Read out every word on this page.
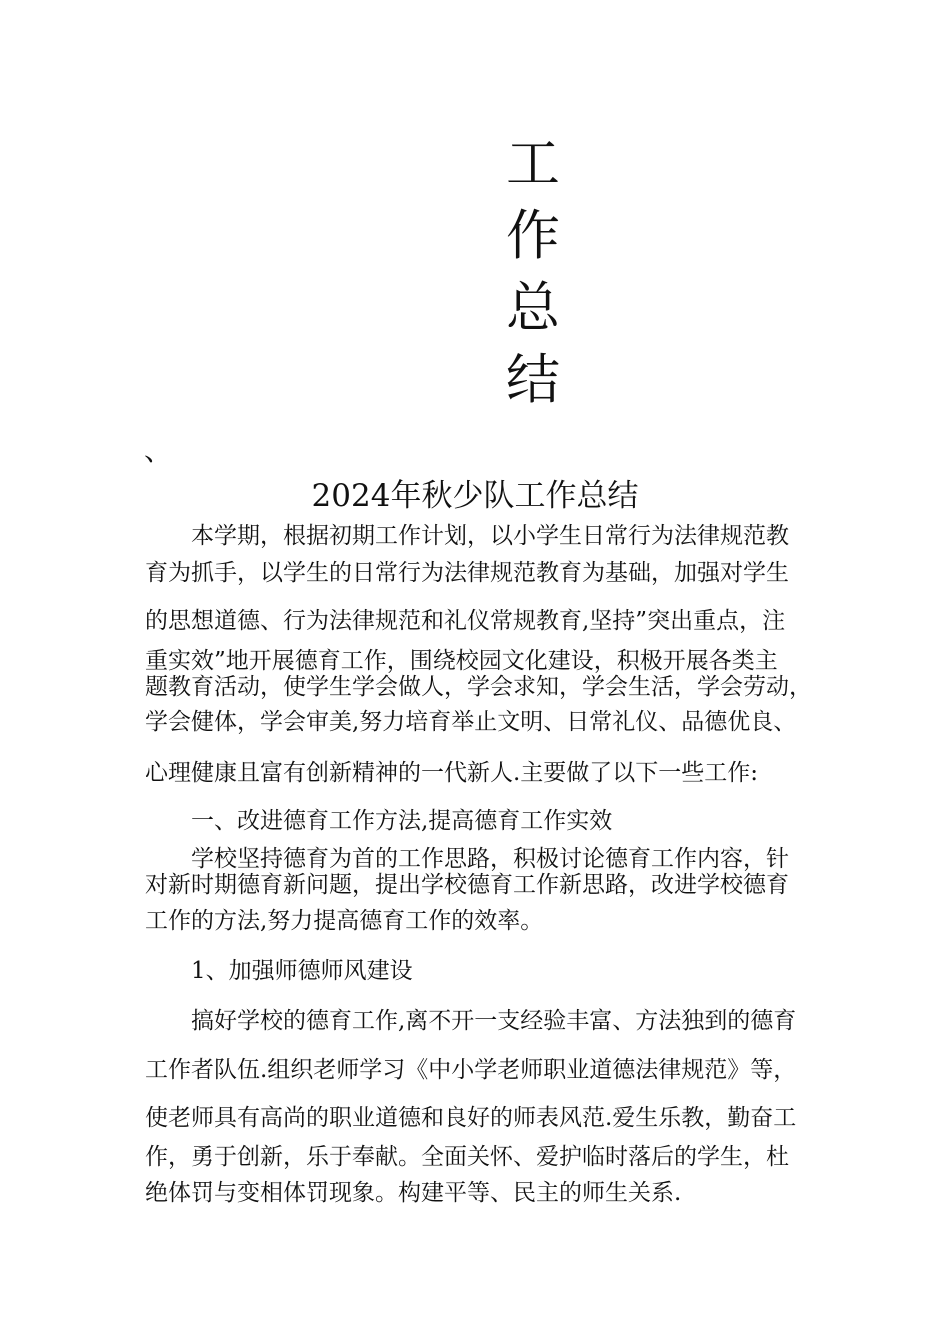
工
作
总
结
、
2024年秋少队工作总结
本学期，根据初期工作计划，以小学生日常行为法律规范教
育为抓手，以学生的日常行为法律规范教育为基础，加强对学生
的思想道德、行为法律规范和礼仪常规教育,坚持”突出重点，注
重实效”地开展德育工作，围绕校园文化建设，积极开展各类主
题教育活动，使学生学会做人，学会求知，学会生活，学会劳动，
学会健体，学会审美,努力培育举止文明、日常礼仪、品德优良、
心理健康且富有创新精神的一代新人.主要做了以下一些工作:
一、改进德育工作方法,提高德育工作实效
学校坚持德育为首的工作思路，积极讨论德育工作内容，针
对新时期德育新问题，提出学校德育工作新思路，改进学校德育
工作的方法,努力提高德育工作的效率。
1、加强师德师风建设
搞好学校的德育工作,离不开一支经验丰富、方法独到的德育
工作者队伍.组织老师学习《中小学老师职业道德法律规范》等，
使老师具有高尚的职业道德和良好的师表风范.爱生乐教，勤奋工
作，勇于创新，乐于奉献。全面关怀、爱护临时落后的学生，杜
绝体罚与变相体罚现象。构建平等、民主的师生关系.
